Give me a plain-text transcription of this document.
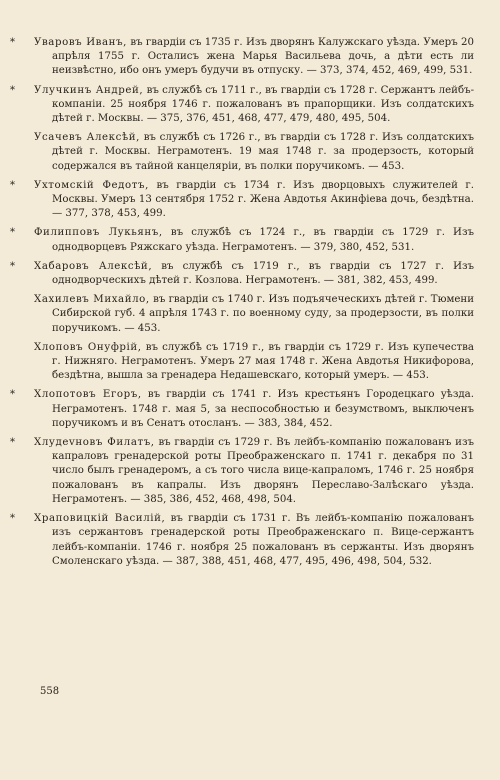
*	Уваровъ Иванъ, въ гвардiи съ 1735 г. Изъ дворянъ Калужскаго уѣзда. Умеръ 20 апрѣля 1755 г. Осталисъ жена Марья Васильева дочь, а дѣти есть ли неизвѣстно, ибо онъ умеръ будучи въ отпуску. — 373, 374, 452, 469, 499, 531.

*	Улучкинъ Андрей, въ службѣ съ 1711 г., въ гвардiи съ 1728 г. Сержантъ лейбъ-компанiи. 25 ноября 1746 г. пожалованъ въ прапорщики. Изъ солдатскихъ дѣтей г. Москвы. — 375, 376, 451, 468, 477, 479, 480, 495, 504.

Усачевъ Алексѣй, въ службѣ съ 1726 г., въ гвардiи съ 1728 г. Изъ солдатскихъ дѣтей г. Москвы. Неграмотенъ. 19 мая 1748 г. за продерзость, который содержался въ тайной канцелярiи, въ полки поручикомъ. — 453.

*	Ухтомскiй Федотъ, въ гвардiи съ 1734 г. Изъ дворцовыхъ служителей г. Москвы. Умеръ 13 сентября 1752 г. Жена Авдотья Акинфiева дочь, бездѣтна. — 377, 378, 453, 499.

*	Филипповъ Лукьянъ, въ службѣ съ 1724 г., въ гвардiи съ 1729 г. Изъ однодворцевъ Ряжскаго уѣзда. Неграмотенъ. — 379, 380, 452, 531.

*	Хабаровъ Алексѣй, въ службѣ съ 1719 г., въ гвардiи съ 1727 г. Изъ однодворческихъ дѣтей г. Козлова. Неграмотенъ. — 381, 382, 453, 499.

Хахилевъ Михайло, въ гвардiи съ 1740 г. Изъ подъячеческихъ дѣтей г. Тюмени Сибирской губ. 4 апрѣля 1743 г. по военному суду, за продерзости, въ полки поручикомъ. — 453.

Хлоповъ Онуфрiй, въ службѣ съ 1719 г., въ гвардiи съ 1729 г. Изъ купечества г. Нижняго. Неграмотенъ. Умеръ 27 мая 1748 г. Жена Авдотья Никифорова, бездѣтна, вышла за гренадера Недашевскаго, который умеръ. — 453.

*	Хлопотовъ Егоръ, въ гвардiи съ 1741 г. Изъ крестьянъ Городецкаго уѣзда. Неграмотенъ. 1748 г. мая 5, за неспособностью и безумствомъ, выключенъ поручикомъ и въ Сенатъ отосланъ. — 383, 384, 452.

*	Хлудеvновъ Филатъ, въ гвардiи съ 1729 г. Въ лейбъ-компанiю пожалованъ изъ капраловъ гренадерской роты Преображенскаго п. 1741 г. декабря по 31 число былъ гренадеромъ, а съ того числа вице-капраломъ, 1746 г. 25 ноября пожалованъ въ капралы. Изъ дворянъ Переславо-Залѣскаго уѣзда. Неграмотенъ. — 385, 386, 452, 468, 498, 504.

*	Храповицкiй Василiй, въ гвардiи съ 1731 г. Въ лейбъ-компанiю пожалованъ изъ сержантовъ гренадерской роты Преображенскаго п. Вице-сержантъ лейбъ-компанiи. 1746 г. ноября 25 пожалованъ въ сержанты. Изъ дворянъ Смоленскаго уѣзда. — 387, 388, 451, 468, 477, 495, 496, 498, 504, 532.

558
